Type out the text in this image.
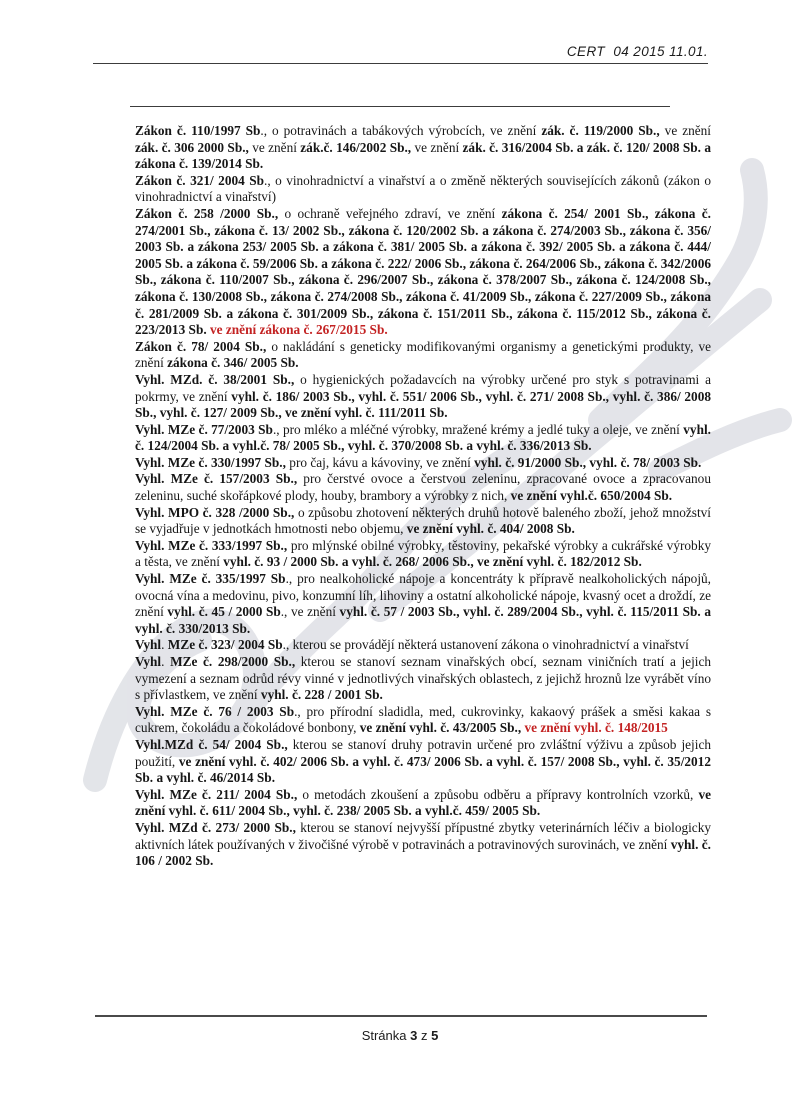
CERT  04 2015 11.01.

Zákon č. 110/1997 Sb., o potravinách a tabákových výrobcích, ve znění zák. č. 119/2000 Sb., ve znění zák. č. 306 2000 Sb., ve znění zák.č. 146/2002 Sb., ve znění zák. č. 316/2004 Sb. a zák. č. 120/ 2008 Sb. a zákona č. 139/2014 Sb.

Zákon č. 321/ 2004 Sb., o vinohradnictví a vinařství a o změně některých souvisejících zákonů (zákon o vinohradnictví a vinařství)

Zákon č. 258 /2000 Sb., o ochraně veřejného zdraví, ve znění zákona č. 254/ 2001 Sb., zákona č. 274/2001 Sb., zákona č. 13/ 2002 Sb., zákona č. 120/2002 Sb. a zákona č. 274/2003 Sb., zákona č. 356/ 2003 Sb. a zákona 253/ 2005 Sb. a zákona č. 381/ 2005 Sb. a zákona č. 392/ 2005 Sb. a zákona č. 444/ 2005 Sb. a zákona č. 59/2006 Sb. a zákona č. 222/ 2006 Sb., zákona č. 264/2006 Sb., zákona č. 342/2006 Sb., zákona č. 110/2007 Sb., zákona č. 296/2007 Sb., zákona č. 378/2007 Sb., zákona č. 124/2008 Sb., zákona č. 130/2008 Sb., zákona č. 274/2008 Sb., zákona č. 41/2009 Sb., zákona č. 227/2009 Sb., zákona č. 281/2009 Sb. a zákona č. 301/2009 Sb., zákona č. 151/2011 Sb., zákona č. 115/2012 Sb., zákona č. 223/2013 Sb. ve znění zákona č. 267/2015 Sb.

Zákon č. 78/ 2004 Sb., o nakládání s geneticky modifikovanými organismy a genetickými produkty, ve znění zákona č. 346/ 2005 Sb.

Vyhl. MZd. č. 38/2001 Sb., o hygienických požadavcích na výrobky určené pro styk s potravinami a pokrmy, ve znění vyhl. č. 186/ 2003 Sb., vyhl. č. 551/ 2006 Sb., vyhl. č. 271/ 2008 Sb., vyhl. č. 386/ 2008 Sb., vyhl. č. 127/ 2009 Sb., ve znění vyhl. č. 111/2011 Sb.

Vyhl. MZe č. 77/2003 Sb., pro mléko a mléčné výrobky, mražené krémy a jedlé tuky a oleje, ve znění vyhl. č. 124/2004 Sb. a vyhl.č. 78/ 2005 Sb., vyhl. č. 370/2008 Sb. a vyhl. č. 336/2013 Sb.

Vyhl. MZe č. 330/1997 Sb., pro čaj, kávu a kávoviny, ve znění vyhl. č. 91/2000 Sb., vyhl. č. 78/ 2003 Sb.

Vyhl. MZe č. 157/2003 Sb., pro čerstvé ovoce a čerstvou zeleninu, zpracované ovoce a zpracovanou zeleninu, suché skořápkové plody, houby, brambory a výrobky z nich, ve znění vyhl.č. 650/2004 Sb.

Vyhl. MPO č. 328 /2000 Sb., o způsobu zhotovení některých druhů hotově baleného zboží, jehož množství se vyjadřuje v jednotkách hmotnosti nebo objemu, ve znění vyhl. č. 404/ 2008 Sb.

Vyhl. MZe č. 333/1997 Sb., pro mlýnské obilné výrobky, těstoviny, pekařské výrobky a cukrářské výrobky a těsta, ve znění vyhl. č. 93 / 2000 Sb. a vyhl. č. 268/ 2006 Sb., ve znění vyhl. č. 182/2012 Sb.

Vyhl. MZe č. 335/1997 Sb., pro nealkoholické nápoje a koncentráty k přípravě nealkoholických nápojů, ovocná vína a medovinu, pivo, konzumní líh, lihoviny a ostatní alkoholické nápoje, kvasný ocet a droždí, ze znění vyhl. č. 45 / 2000 Sb., ve znění vyhl. č. 57 / 2003 Sb., vyhl. č. 289/2004 Sb., vyhl. č. 115/2011 Sb. a vyhl. č. 330/2013 Sb.

Vyhl. MZe č. 323/ 2004 Sb., kterou se provádějí některá ustanovení zákona o vinohradnictví a vinařství

Vyhl. MZe č. 298/2000 Sb., kterou se stanoví seznam vinařských obcí, seznam viničních tratí a jejich vymezení a seznam odrůd révy vinné v jednotlivých vinařských oblastech, z jejichž hroznů lze vyrábět víno s přívlastkem, ve znění vyhl. č. 228 / 2001 Sb.

Vyhl. MZe č. 76 / 2003 Sb., pro přírodní sladidla, med, cukrovinky, kakaový prášek a směsi kakaa s cukrem, čokoládu a čokoládové bonbony, ve znění vyhl. č. 43/2005 Sb., ve znění vyhl. č. 148/2015

Vyhl.MZd č. 54/ 2004 Sb., kterou se stanoví druhy potravin určené pro zvláštní výživu a způsob jejich použití, ve znění vyhl. č. 402/ 2006 Sb. a vyhl. č. 473/ 2006 Sb. a vyhl. č. 157/ 2008 Sb., vyhl. č. 35/2012 Sb. a vyhl. č. 46/2014 Sb.

Vyhl. MZe č. 211/ 2004 Sb., o metodách zkoušení a způsobu odběru a přípravy kontrolních vzorků, ve znění vyhl. č. 611/ 2004 Sb., vyhl. č. 238/ 2005 Sb. a vyhl.č. 459/ 2005 Sb.

Vyhl. MZd č. 273/ 2000 Sb., kterou se stanoví nejvyšší přípustné zbytky veterinárních léčiv a biologicky aktivních látek používaných v živočišné výrobě v potravinách a potravinových surovinách, ve znění vyhl. č. 106 / 2002 Sb.

Stránka 3 z 5
